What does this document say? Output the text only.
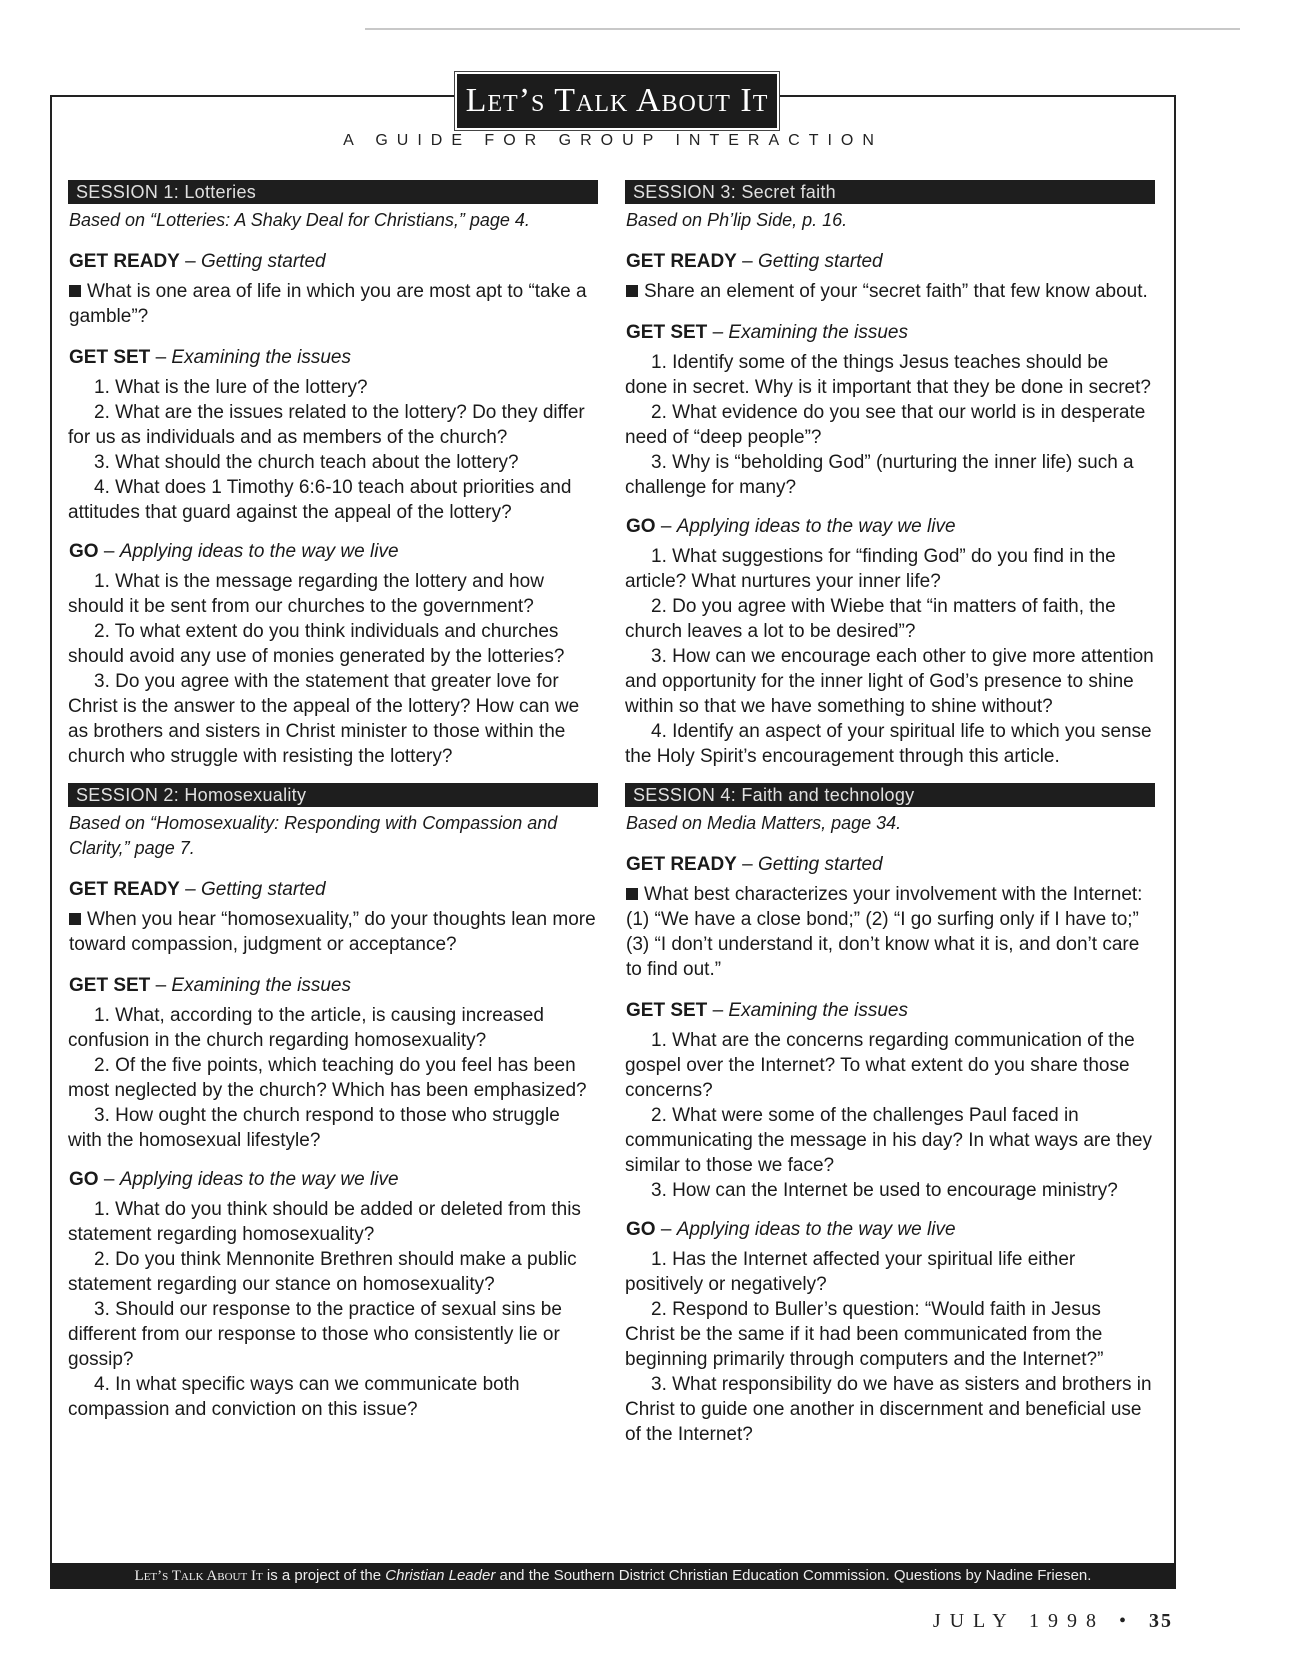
Let’s Talk About It
A GUIDE FOR GROUP INTERACTION
SESSION 1: Lotteries

Based on “Lotteries: A Shaky Deal for Christians,” page 4.

GET READY – Getting started

What is one area of life in which you are most apt to “take a gamble”?

GET SET – Examining the issues

1. What is the lure of the lottery?

2. What are the issues related to the lottery? Do they differ for us as individuals and as members of the church?

3. What should the church teach about the lottery?

4. What does 1 Timothy 6:6-10 teach about priorities and attitudes that guard against the appeal of the lottery?

GO – Applying ideas to the way we live

1. What is the message regarding the lottery and how should it be sent from our churches to the government?

2. To what extent do you think individuals and churches should avoid any use of monies generated by the lotteries?

3. Do you agree with the statement that greater love for Christ is the answer to the appeal of the lottery? How can we as brothers and sisters in Christ minister to those within the church who struggle with resisting the lottery?

SESSION 2: Homosexuality

Based on “Homosexuality: Responding with Compassion and Clarity,” page 7.

GET READY – Getting started

When you hear “homosexuality,” do your thoughts lean more toward compassion, judgment or acceptance?

GET SET – Examining the issues

1. What, according to the article, is causing increased confusion in the church regarding homosexuality?

2. Of the five points, which teaching do you feel has been most neglected by the church? Which has been emphasized?

3. How ought the church respond to those who struggle with the homosexual lifestyle?

GO – Applying ideas to the way we live

1. What do you think should be added or deleted from this statement regarding homosexuality?

2. Do you think Mennonite Brethren should make a public statement regarding our stance on homosexuality?

3. Should our response to the practice of sexual sins be different from our response to those who consistently lie or gossip?

4. In what specific ways can we communicate both compassion and conviction on this issue?

SESSION 3: Secret faith

Based on Ph’lip Side, p. 16.

GET READY – Getting started

Share an element of your “secret faith” that few know about.

GET SET – Examining the issues

1. Identify some of the things Jesus teaches should be done in secret. Why is it important that they be done in secret?

2. What evidence do you see that our world is in desperate need of “deep people”?

3. Why is “beholding God” (nurturing the inner life) such a challenge for many?

GO – Applying ideas to the way we live

1. What suggestions for “finding God” do you find in the article? What nurtures your inner life?

2. Do you agree with Wiebe that “in matters of faith, the church leaves a lot to be desired”?

3. How can we encourage each other to give more attention and opportunity for the inner light of God’s presence to shine within so that we have something to shine without?

4. Identify an aspect of your spiritual life to which you sense the Holy Spirit’s encouragement through this article.

SESSION 4: Faith and technology

Based on Media Matters, page 34.

GET READY – Getting started

What best characterizes your involvement with the Internet: (1) “We have a close bond;” (2) “I go surfing only if I have to;” (3) “I don’t understand it, don’t know what it is, and don’t care to find out.”

GET SET – Examining the issues

1. What are the concerns regarding communication of the gospel over the Internet? To what extent do you share those concerns?

2. What were some of the challenges Paul faced in communicating the message in his day? In what ways are they similar to those we face?

3. How can the Internet be used to encourage ministry?

GO – Applying ideas to the way we live

1. Has the Internet affected your spiritual life either positively or negatively?

2. Respond to Buller’s question: “Would faith in Jesus Christ be the same if it had been communicated from the beginning primarily through computers and the Internet?”

3. What responsibility do we have as sisters and brothers in Christ to guide one another in discernment and beneficial use of the Internet?

Let’s Talk About It is a project of the Christian Leader and the Southern District Christian Education Commission. Questions by Nadine Friesen.
JULY 1998 • 35
